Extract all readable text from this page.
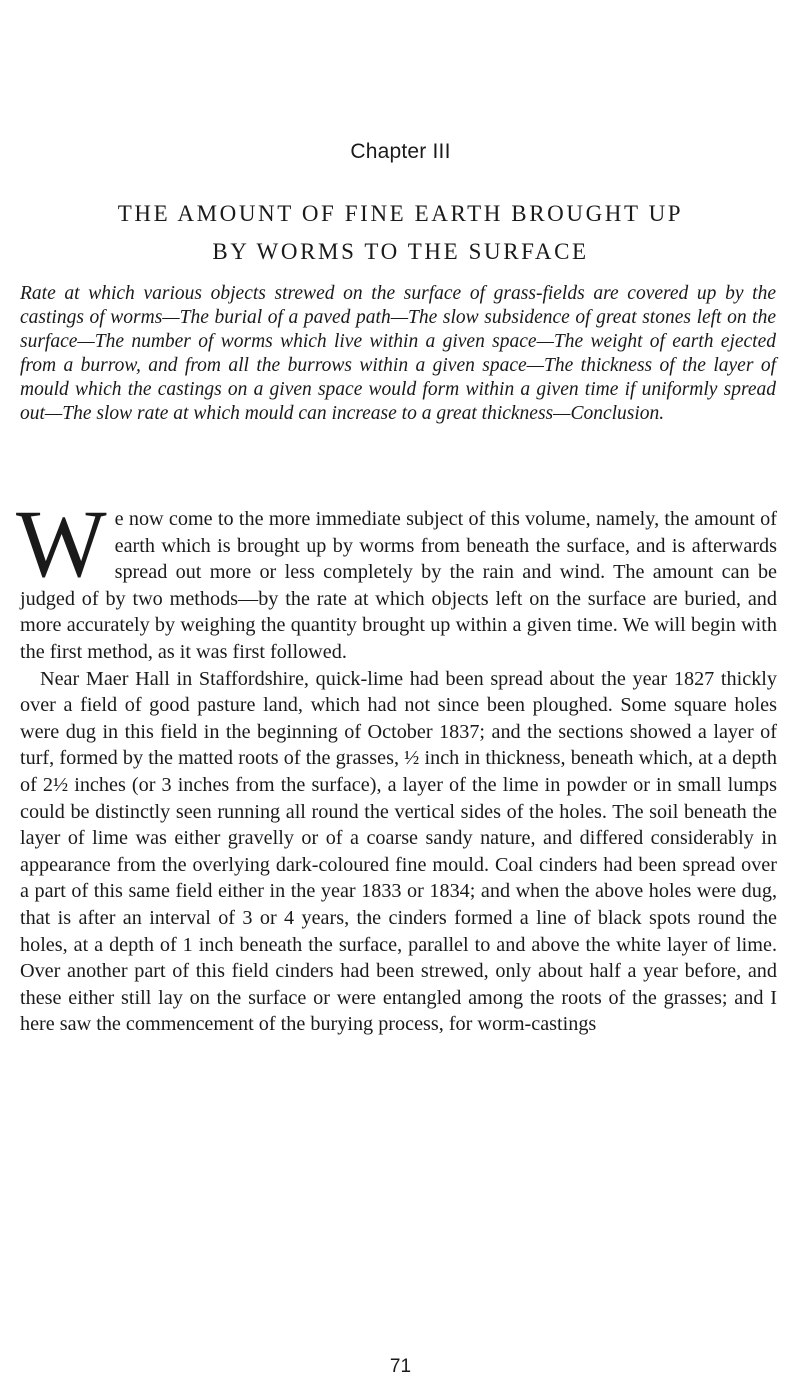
Chapter III
THE AMOUNT OF FINE EARTH BROUGHT UP
BY WORMS TO THE SURFACE

Rate at which various objects strewed on the surface of grass-fields are covered up by the castings of worms—The burial of a paved path—The slow subsidence of great stones left on the surface—The number of worms which live within a given space—The weight of earth ejected from a burrow, and from all the burrows within a given space—The thickness of the layer of mould which the castings on a given space would form within a given time if uniformly spread out—The slow rate at which mould can increase to a great thickness—Conclusion.

We now come to the more immediate subject of this volume, namely, the amount of earth which is brought up by worms from beneath the surface, and is afterwards spread out more or less completely by the rain and wind. The amount can be judged of by two methods—by the rate at which objects left on the surface are buried, and more accurately by weighing the quantity brought up within a given time. We will begin with the first method, as it was first followed.

Near Maer Hall in Staffordshire, quick-lime had been spread about the year 1827 thickly over a field of good pasture land, which had not since been ploughed. Some square holes were dug in this field in the beginning of October 1837; and the sections showed a layer of turf, formed by the matted roots of the grasses, ½ inch in thickness, beneath which, at a depth of 2½ inches (or 3 inches from the surface), a layer of the lime in powder or in small lumps could be distinctly seen running all round the vertical sides of the holes. The soil beneath the layer of lime was either gravelly or of a coarse sandy nature, and differed considerably in appearance from the overlying dark-coloured fine mould. Coal cinders had been spread over a part of this same field either in the year 1833 or 1834; and when the above holes were dug, that is after an interval of 3 or 4 years, the cinders formed a line of black spots round the holes, at a depth of 1 inch beneath the surface, parallel to and above the white layer of lime. Over another part of this field cinders had been strewed, only about half a year before, and these either still lay on the surface or were entangled among the roots of the grasses; and I here saw the commencement of the burying process, for worm-castings

71
